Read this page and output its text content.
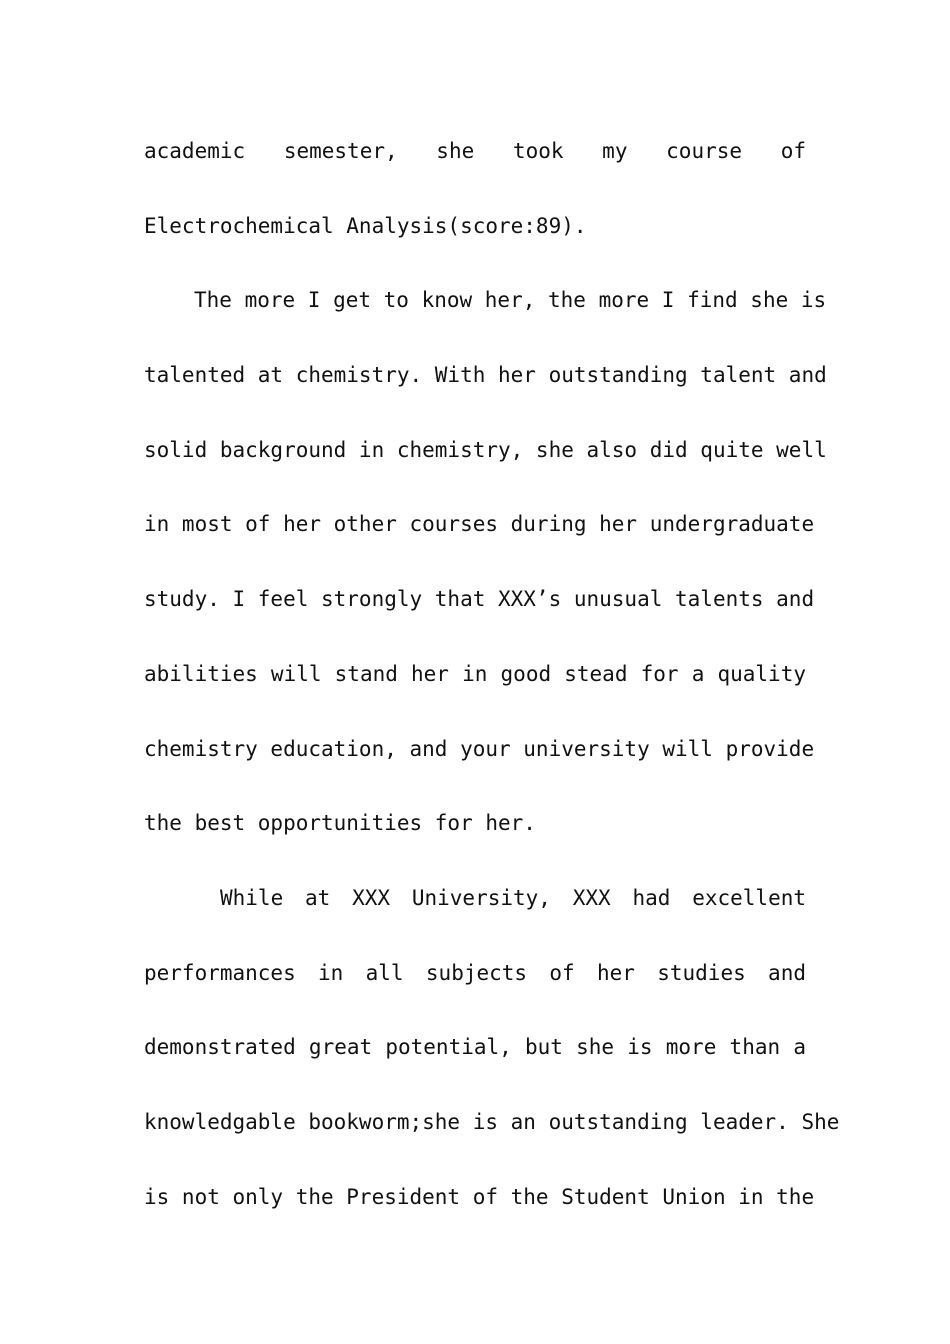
academic semester, she took my course of
Electrochemical Analysis(score:89).
The more I get to know her, the more I find she is
talented at chemistry. With her outstanding talent and
solid background in chemistry, she also did quite well
in most of her other courses during her undergraduate
study. I feel strongly that XXX’s unusual talents and
abilities will stand her in good stead for a quality
chemistry education, and your university will provide
the best opportunities for her.
While at XXX University, XXX had excellent
performances in all subjects of her studies and
demonstrated great potential, but she is more than a
knowledgable bookworm;she is an outstanding leader. She
is not only the President of the Student Union in the
